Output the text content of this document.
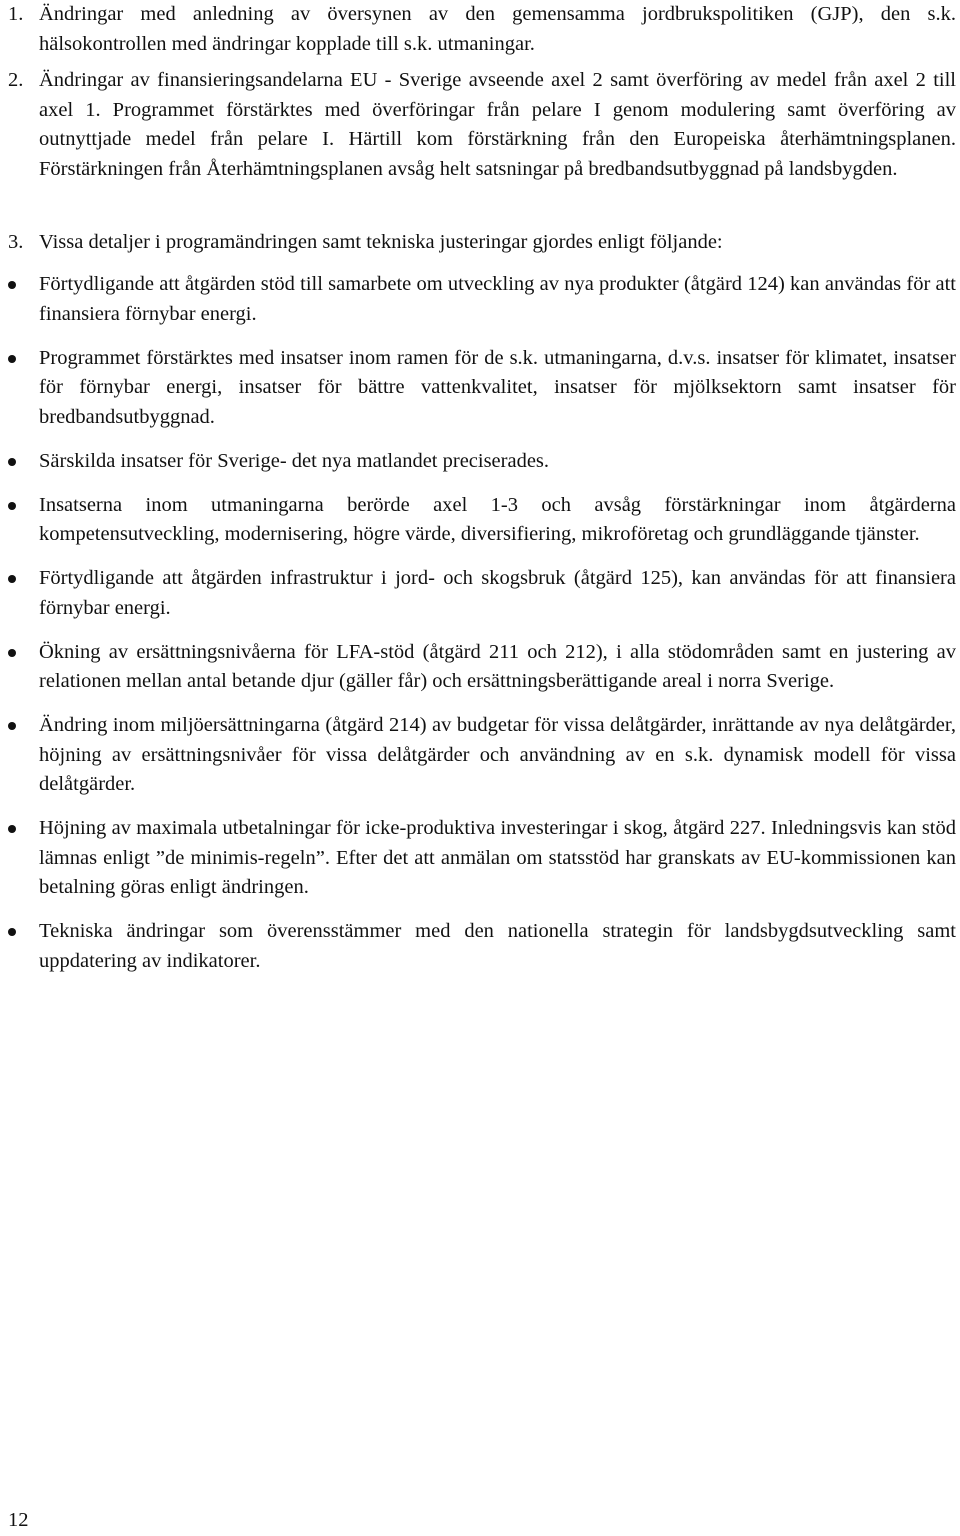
1. Ändringar med anledning av översynen av den gemensamma jordbrukspolitiken (GJP), den s.k. hälsokontrollen med ändringar kopplade till s.k. utmaningar.
2. Ändringar av finansieringsandelarna EU - Sverige avseende axel 2 samt överföring av medel från axel 2 till axel 1. Programmet förstärktes med överföringar från pelare I genom modulering samt överföring av outnyttjade medel från pelare I. Härtill kom förstärkning från den Europeiska återhämtningsplanen. Förstärkningen från Återhämtningsplanen avsåg helt satsningar på bredbandsutbyggnad på landsbygden.
3. Vissa detaljer i programändringen samt tekniska justeringar gjordes enligt följande:
Förtydligande att åtgärden stöd till samarbete om utveckling av nya produkter (åtgärd 124) kan användas för att finansiera förnybar energi.
Programmet förstärktes med insatser inom ramen för de s.k. utmaningarna, d.v.s. insatser för klimatet, insatser för förnybar energi, insatser för bättre vattenkvalitet, insatser för mjölksektorn samt insatser för bredbandsutbyggnad.
Särskilda insatser för Sverige- det nya matlandet preciserades.
Insatserna inom utmaningarna berörde axel 1-3 och avsåg förstärkningar inom åtgärderna kompetensutveckling, modernisering, högre värde, diversifiering, mikroföretag och grundläggande tjänster.
Förtydligande att åtgärden infrastruktur i jord- och skogsbruk (åtgärd 125), kan användas för att finansiera förnybar energi.
Ökning av ersättningsnivåerna för LFA-stöd (åtgärd 211 och 212), i alla stödområden samt en justering av relationen mellan antal betande djur (gäller får) och ersättningsberättigande areal i norra Sverige.
Ändring inom miljöersättningarna (åtgärd 214) av budgetar för vissa delåtgärder, inrättande av nya delåtgärder, höjning av ersättningsnivåer för vissa delåtgärder och användning av en s.k. dynamisk modell för vissa delåtgärder.
Höjning av maximala utbetalningar för icke-produktiva investeringar i skog, åtgärd 227. Inledningsvis kan stöd lämnas enligt ”de minimis-regeln”. Efter det att anmälan om statsstöd har granskats av EU-kommissionen kan betalning göras enligt ändringen.
Tekniska ändringar som överensstämmer med den nationella strategin för landsbygdsutveckling samt uppdatering av indikatorer.
12
